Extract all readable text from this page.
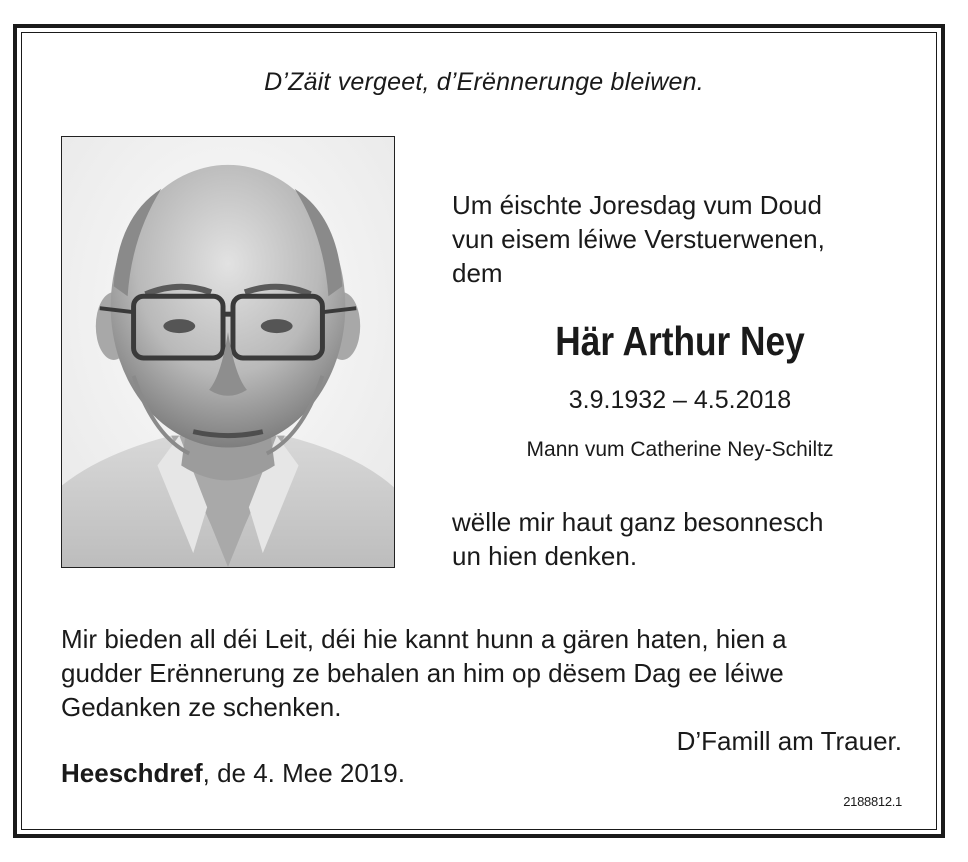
D’Zäit vergeet, d’Erënnerunge bleiwen.
Um éischte Joresdag vum Doud
vun eisem léiwe Verstuerwenen,
dem
Här Arthur Ney
3.9.1932 – 4.5.2018
Mann vum Catherine Ney-Schiltz
wëlle mir haut ganz besonnesch
un hien denken.
Mir bieden all déi Leit, déi hie kannt hunn a gären haten, hien a
gudder Erënnerung ze behalen an him op dësem Dag ee léiwe
Gedanken ze schenken.
D’Famill am Trauer.
Heeschdref, de 4. Mee 2019.
2188812.1
